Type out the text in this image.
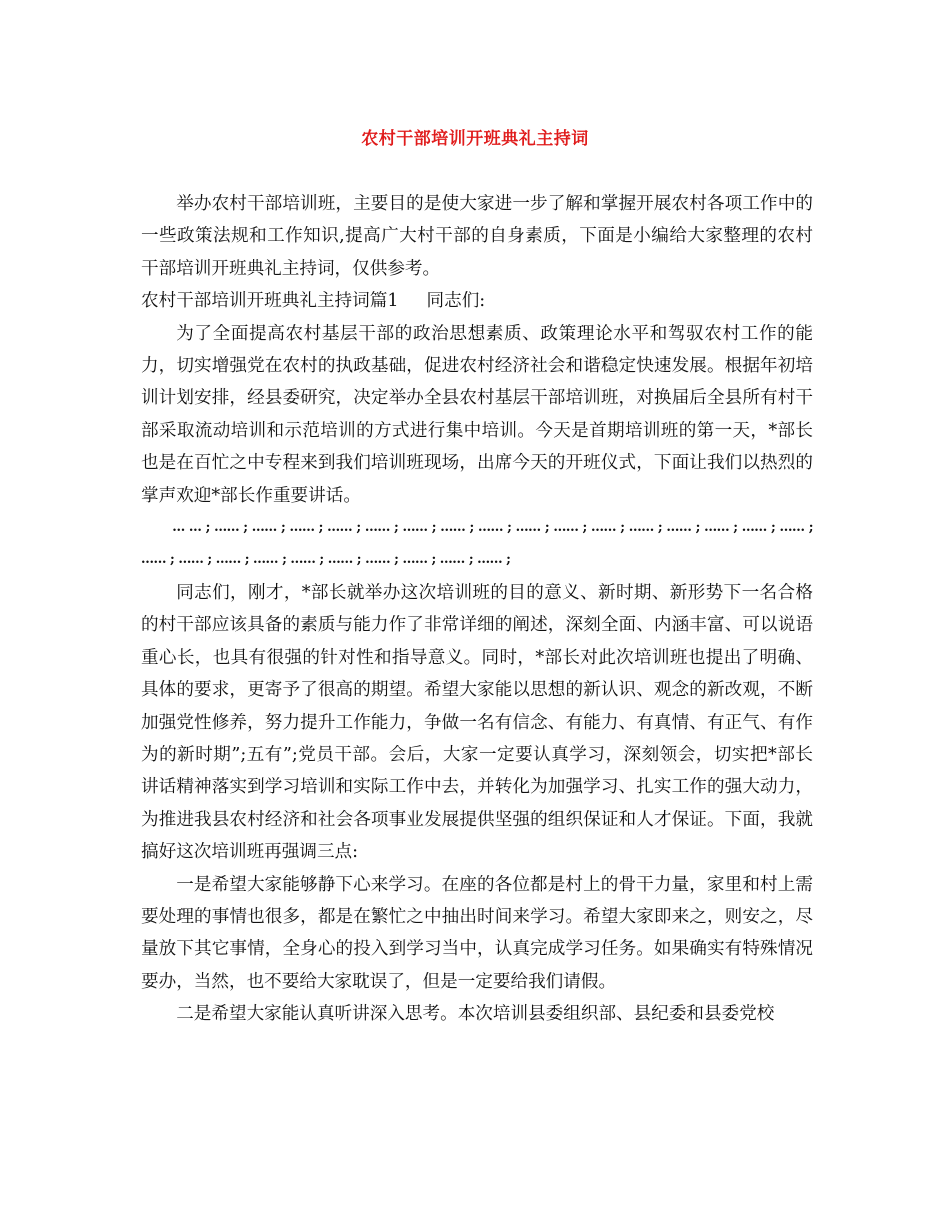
农村干部培训开班典礼主持词

举办农村干部培训班，主要目的是使大家进一步了解和掌握开展农村各项工作中的一些政策法规和工作知识,提高广大村干部的自身素质，下面是小编给大家整理的农村干部培训开班典礼主持词，仅供参考。

农村干部培训开班典礼主持词篇1 同志们:

为了全面提高农村基层干部的政治思想素质、政策理论水平和驾驭农村工作的能力，切实增强党在农村的执政基础，促进农村经济社会和谐稳定快速发展。根据年初培训计划安排，经县委研究，决定举办全县农村基层干部培训班，对换届后全县所有村干部采取流动培训和示范培训的方式进行集中培训。今天是首期培训班的第一天，*部长也是在百忙之中专程来到我们培训班现场，出席今天的开班仪式，下面让我们以热烈的掌声欢迎*部长作重要讲话。

… … ; …… ; …… ; …… ; …… ; …… ; …… ; …… ; …… ; …… ; …… ; …… ; …… ; …… ; …… ; …… ; …… ; …… ; …… ; …… ; …… ; …… ; …… ; …… ; …… ; …… ; …… ;

同志们，刚才，*部长就举办这次培训班的目的意义、新时期、新形势下一名合格的村干部应该具备的素质与能力作了非常详细的阐述，深刻全面、内涵丰富、可以说语重心长，也具有很强的针对性和指导意义。同时，*部长对此次培训班也提出了明确、具体的要求，更寄予了很高的期望。希望大家能以思想的新认识、观念的新改观，不断加强党性修养，努力提升工作能力，争做一名有信念、有能力、有真情、有正气、有作为的新时期”;五有”;党员干部。会后，大家一定要认真学习，深刻领会，切实把*部长讲话精神落实到学习培训和实际工作中去，并转化为加强学习、扎实工作的强大动力，为推进我县农村经济和社会各项事业发展提供坚强的组织保证和人才保证。下面，我就搞好这次培训班再强调三点:

一是希望大家能够静下心来学习。在座的各位都是村上的骨干力量，家里和村上需要处理的事情也很多，都是在繁忙之中抽出时间来学习。希望大家即来之，则安之，尽量放下其它事情，全身心的投入到学习当中，认真完成学习任务。如果确实有特殊情况要办，当然，也不要给大家耽误了，但是一定要给我们请假。

二是希望大家能认真听讲深入思考。本次培训县委组织部、县纪委和县委党校
